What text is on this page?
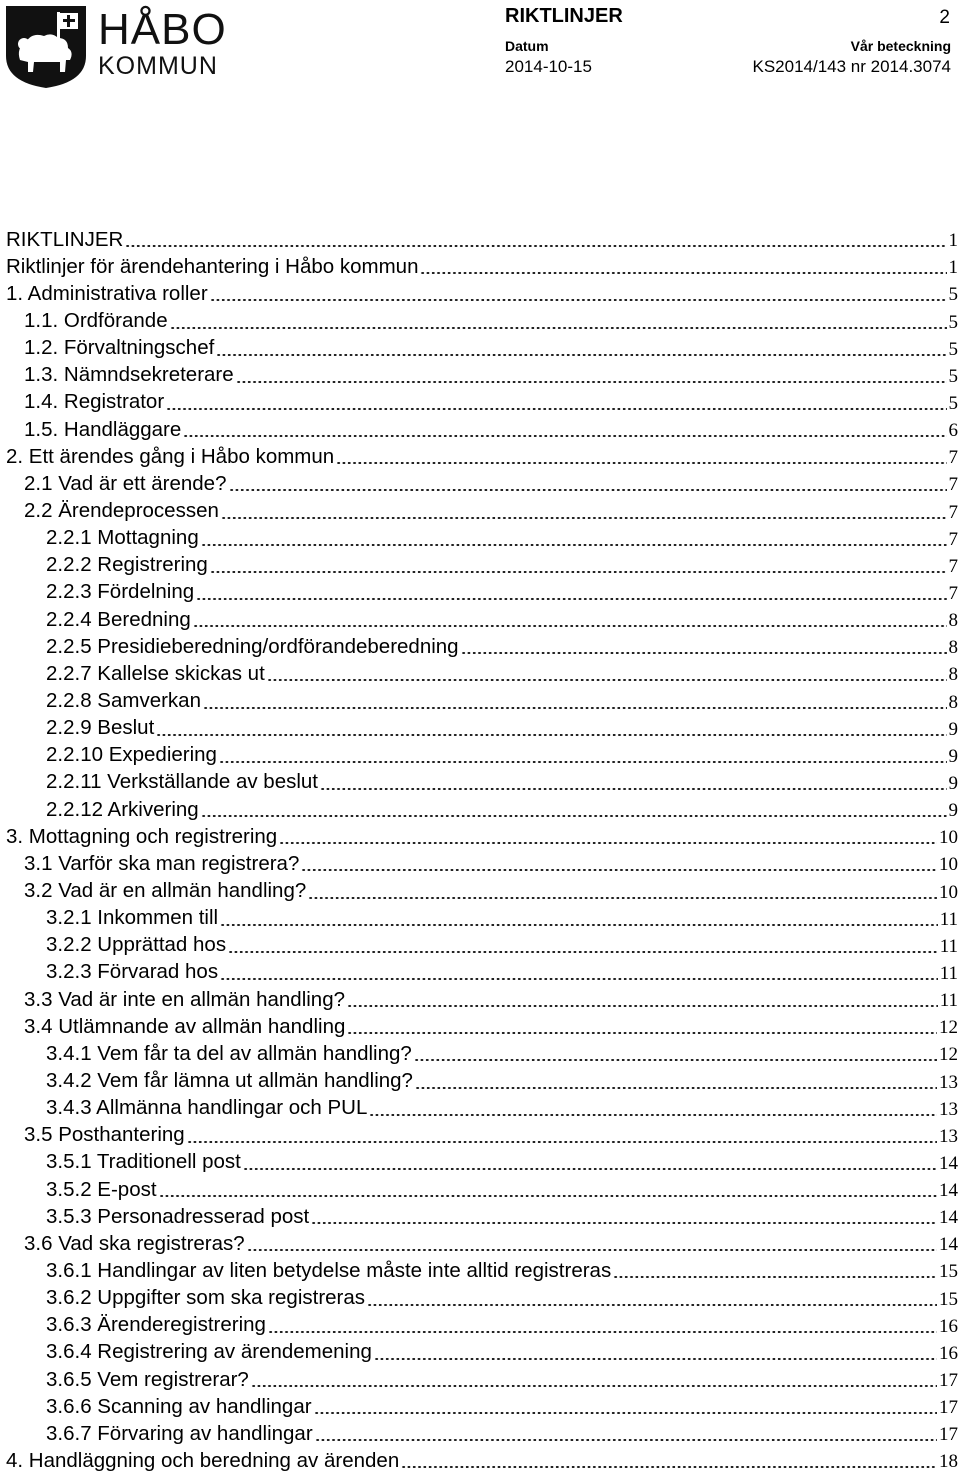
HÅBO
KOMMUN
RIKTLINJER	2
Datum
2014-10-15
Vår beteckning
KS2014/143 nr 2014.3074
RIKTLINJER	1
Riktlinjer för ärendehantering i Håbo kommun	1
1. Administrativa roller	5
1.1. Ordförande	5
1.2. Förvaltningschef	5
1.3. Nämndsekreterare	5
1.4. Registrator	5
1.5. Handläggare	6
2. Ett ärendes gång i Håbo kommun	7
2.1 Vad är ett ärende?	7
2.2 Ärendeprocessen	7
2.2.1 Mottagning	7
2.2.2 Registrering	7
2.2.3 Fördelning	7
2.2.4 Beredning	8
2.2.5 Presidieberedning/ordförandeberedning	8
2.2.7 Kallelse skickas ut	8
2.2.8 Samverkan	8
2.2.9 Beslut	9
2.2.10 Expediering	9
2.2.11 Verkställande av beslut	9
2.2.12 Arkivering	9
3. Mottagning och registrering	10
3.1 Varför ska man registrera?	10
3.2 Vad är en allmän handling?	10
3.2.1 Inkommen till	11
3.2.2 Upprättad hos	11
3.2.3 Förvarad hos	11
3.3 Vad är inte en allmän handling?	11
3.4 Utlämnande av allmän handling	12
3.4.1 Vem får ta del av allmän handling?	12
3.4.2 Vem får lämna ut allmän handling?	13
3.4.3 Allmänna handlingar och PUL	13
3.5 Posthantering	13
3.5.1 Traditionell post	14
3.5.2 E-post	14
3.5.3 Personadresserad post	14
3.6 Vad ska registreras?	14
3.6.1 Handlingar av liten betydelse måste inte alltid registreras	15
3.6.2 Uppgifter som ska registreras	15
3.6.3 Ärenderegistrering	16
3.6.4 Registrering av ärendemening	16
3.6.5 Vem registrerar?	17
3.6.6 Scanning av handlingar	17
3.6.7 Förvaring av handlingar	17
4. Handläggning och beredning av ärenden	18
